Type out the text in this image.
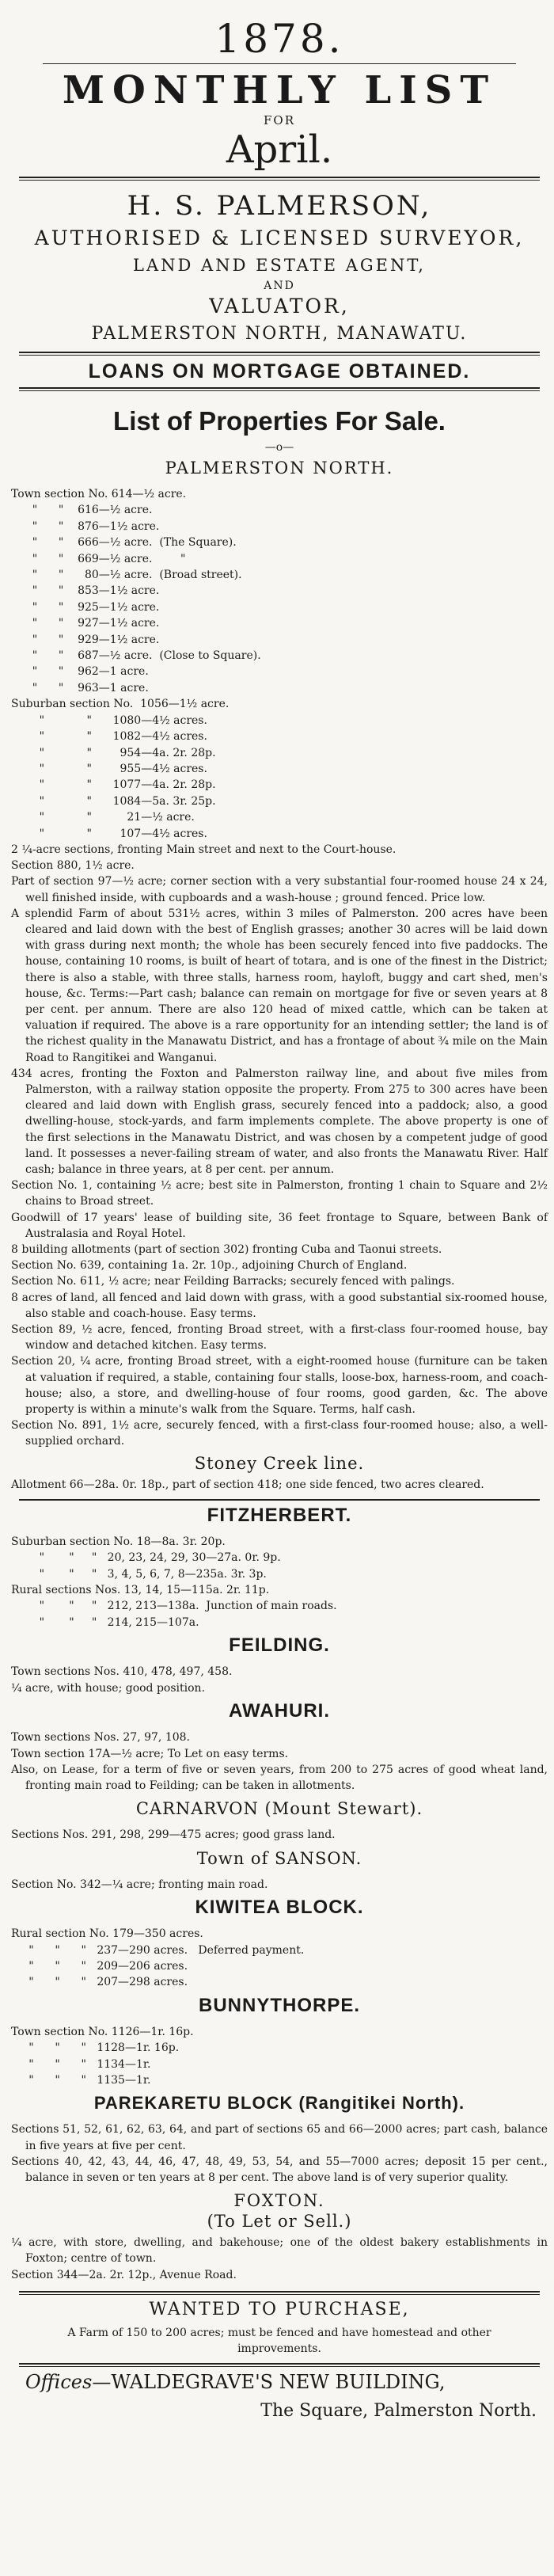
1878.
MONTHLY LIST
FOR
April.
H. S. PALMERSON,
AUTHORISED & LICENSED SURVEYOR,
LAND AND ESTATE AGENT,
AND
VALUATOR,
PALMERSTON NORTH, MANAWATU.
LOANS ON MORTGAGE OBTAINED.
List of Properties For Sale.
—o—
PALMERSTON NORTH.
Town section No. 614—½ acre.
"      "    616—½ acre.
"      "    876—1½ acre.
"      "    666—½ acre.  (The Square).
"      "    669—½ acre.        "
"      "      80—½ acre.  (Broad street).
"      "    853—1½ acre.
"      "    925—1½ acre.
"      "    927—1½ acre.
"      "    929—1½ acre.
"      "    687—½ acre.  (Close to Square).
"      "    962—1 acre.
"      "    963—1 acre.
Suburban section No.  1056—1½ acre.
"            "      1080—4½ acres.
"            "      1082—4½ acres.
"            "        954—4a. 2r. 28p.
"            "        955—4½ acres.
"            "      1077—4a. 2r. 28p.
"            "      1084—5a. 3r. 25p.
"            "          21—½ acre.
"            "        107—4½ acres.

2 ¼-acre sections, fronting Main street and next to the Court-house.

Section 880, 1½ acre.

Part of section 97—½ acre; corner section with a very substantial four-roomed house 24 x 24, well finished inside, with cupboards and a wash-house ; ground fenced. Price low.

A splendid Farm of about 531½ acres, within 3 miles of Palmerston. 200 acres have been cleared and laid down with the best of English grasses; another 30 acres will be laid down with grass during next month; the whole has been securely fenced into five paddocks. The house, containing 10 rooms, is built of heart of totara, and is one of the finest in the District; there is also a stable, with three stalls, harness room, hayloft, buggy and cart shed, men's house, &c. Terms:—Part cash; balance can remain on mortgage for five or seven years at 8 per cent. per annum. There are also 120 head of mixed cattle, which can be taken at valuation if required. The above is a rare opportunity for an intending settler; the land is of the richest quality in the Manawatu District, and has a frontage of about ¾ mile on the Main Road to Rangitikei and Wanganui.

434 acres, fronting the Foxton and Palmerston railway line, and about five miles from Palmerston, with a railway station opposite the property. From 275 to 300 acres have been cleared and laid down with English grass, securely fenced into a paddock; also, a good dwelling-house, stock-yards, and farm implements complete. The above property is one of the first selections in the Manawatu District, and was chosen by a competent judge of good land. It possesses a never-failing stream of water, and also fronts the Manawatu River. Half cash; balance in three years, at 8 per cent. per annum.

Section No. 1, containing ½ acre; best site in Palmerston, fronting 1 chain to Square and 2½ chains to Broad street.

Goodwill of 17 years' lease of building site, 36 feet frontage to Square, between Bank of Australasia and Royal Hotel.

8 building allotments (part of section 302) fronting Cuba and Taonui streets.

Section No. 639, containing 1a. 2r. 10p., adjoining Church of England.

Section No. 611, ½ acre; near Feilding Barracks; securely fenced with palings.

8 acres of land, all fenced and laid down with grass, with a good substantial six-roomed house, also stable and coach-house. Easy terms.

Section 89, ½ acre, fenced, fronting Broad street, with a first-class four-roomed house, bay window and detached kitchen. Easy terms.

Section 20, ¼ acre, fronting Broad street, with a eight-roomed house (furniture can be taken at valuation if required, a stable, containing four stalls, loose-box, harness-room, and coach-house; also, a store, and dwelling-house of four rooms, good garden, &c. The above property is within a minute's walk from the Square. Terms, half cash.

Section No. 891, 1½ acre, securely fenced, with a first-class four-roomed house; also, a well-supplied orchard.

Stoney Creek line.

Allotment 66—28a. 0r. 18p., part of section 418; one side fenced, two acres cleared.

FITZHERBERT.
Suburban section No. 18—8a. 3r. 20p.
"       "     "   20, 23, 24, 29, 30—27a. 0r. 9p.
"       "     "   3, 4, 5, 6, 7, 8—235a. 3r. 3p.
Rural sections Nos. 13, 14, 15—115a. 2r. 11p.
"       "     "   212, 213—138a.  Junction of main roads.
"       "     "   214, 215—107a.
FEILDING.
Town sections Nos. 410, 478, 497, 458.
¼ acre, with house; good position.
AWAHURI.
Town sections Nos. 27, 97, 108.
Town section 17A—½ acre; To Let on easy terms.

Also, on Lease, for a term of five or seven years, from 200 to 275 acres of good wheat land, fronting main road to Feilding; can be taken in allotments.

CARNARVON (Mount Stewart).
Sections Nos. 291, 298, 299—475 acres; good grass land.
Town of SANSON.
Section No. 342—¼ acre; fronting main road.
KIWITEA BLOCK.
Rural section No. 179—350 acres.
"      "      "   237—290 acres.   Deferred payment.
"      "      "   209—206 acres.
"      "      "   207—298 acres.
BUNNYTHORPE.
Town section No. 1126—1r. 16p.
"      "      "   1128—1r. 16p.
"      "      "   1134—1r.
"      "      "   1135—1r.
PAREKARETU BLOCK (Rangitikei North).

Sections 51, 52, 61, 62, 63, 64, and part of sections 65 and 66—2000 acres; part cash, balance in five years at five per cent.

Sections 40, 42, 43, 44, 46, 47, 48, 49, 53, 54, and 55—7000 acres; deposit 15 per cent., balance in seven or ten years at 8 per cent. The above land is of very superior quality.

FOXTON.
(To Let or Sell.)

¼ acre, with store, dwelling, and bakehouse; one of the oldest bakery establishments in Foxton; centre of town.

Section 344—2a. 2r. 12p., Avenue Road.
WANTED TO PURCHASE,

A Farm of 150 to 200 acres; must be fenced and have homestead and other improvements.

Offices—WALDEGRAVE'S NEW BUILDING,
The Square, Palmerston North.
